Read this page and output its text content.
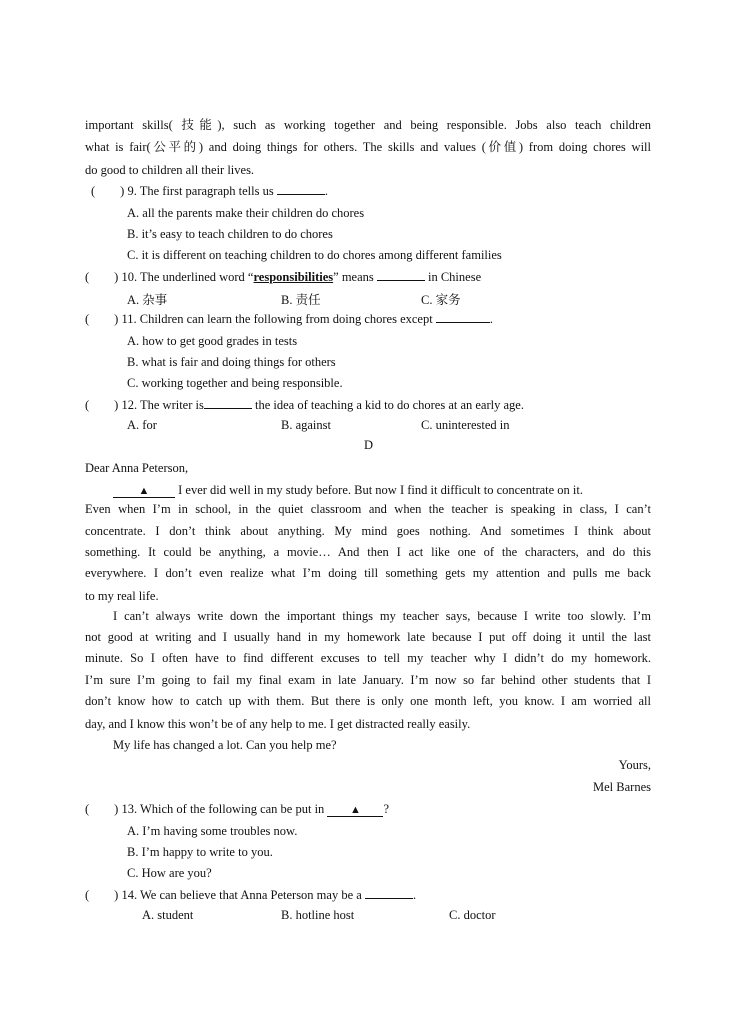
important skills( 技能), such as working together and being responsible. Jobs also teach children
what is fair(公平的) and doing things for others. The skills and values (价值) from doing chores will
do good to children all their lives.
(　　) 9. The first paragraph tells us	.
A. all the parents make their children do chores
B. it’s easy to teach children to do chores
C. it is different on teaching children to do chores among different families
(　　) 10. The underlined word “responsibilities” means	in Chinese
A. 杂事	B. 责任	C. 家务
(　　) 11. Children can learn the following from doing chores except	.
A. how to get good grades in tests
B. what is fair and doing things for others
C. working together and being responsible.
(　　) 12. The writer is	the idea of teaching a kid to do chores at an early age.
A. for	B. against	C. uninterested in
D
Dear Anna Peterson,
▲ I ever did well in my study before. But now I find it difficult to concentrate on it.
Even when I’m in school, in the quiet classroom and when the teacher is speaking in class, I can’t
concentrate. I don’t think about anything. My mind goes nothing. And sometimes I think about
something. It could be anything, a movie… And then I act like one of the characters, and do this
everywhere. I don’t even realize what I’m doing till something gets my attention and pulls me back
to my real life.
I can’t always write down the important things my teacher says, because I write too slowly. I’m
not good at writing and I usually hand in my homework late because I put off doing it until the last
minute. So I often have to find different excuses to tell my teacher why I didn’t do my homework.
I’m sure I’m going to fail my final exam in late January. I’m now so far behind other students that I
don’t know how to catch up with them. But there is only one month left, you know. I am worried all
day, and I know this won’t be of any help to me. I get distracted really easily.
My life has changed a lot. Can you help me?
Yours,
Mel Barnes
(　　) 13. Which of the following can be put in ▲ ?
A. I’m having some troubles now.
B. I’m happy to write to you.
C. How are you?
(　　) 14. We can believe that Anna Peterson may be a	.
A. student	B. hotline host	C. doctor
